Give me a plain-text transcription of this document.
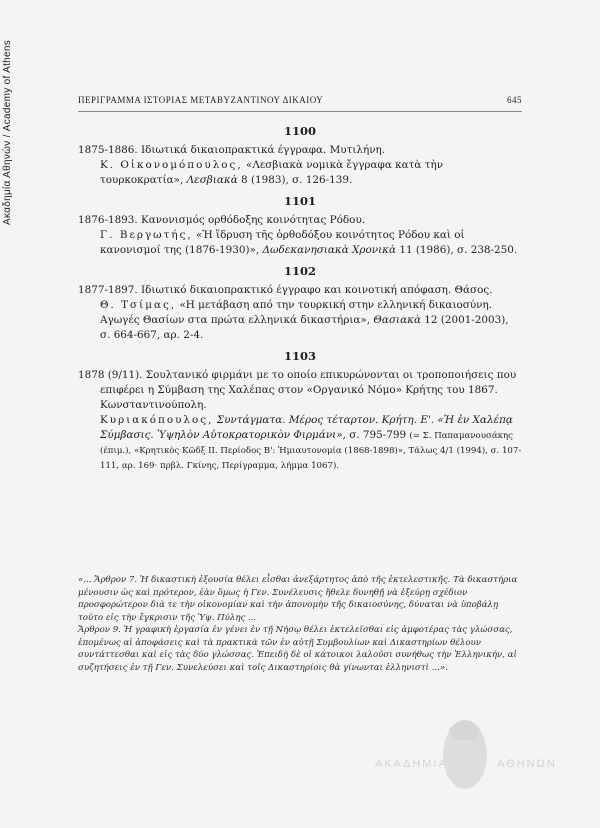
Ακαδημία Αθηνών / Academy of Athens	ΠΕΡΙΓΡΑΜΜΑ ΙΣΤΟΡΙΑΣ ΜΕΤΑΒΥΖΑΝΤΙΝΟΥ ΔΙΚΑΙΟΥ	645
1100

1875-1886. Ιδιωτικά δικαιοπρακτικά έγγραφα. Μυτιλήνη.

Κ. Οἰκονομόπουλος, «Λεσβιακὰ νομικὰ ἔγγραφα κατὰ τὴν τουρκοκρατία», Λεσβιακὰ 8 (1983), σ. 126-139.

1101

1876-1893. Κανονισμός ορθόδοξης κοινότητας Ρόδου.

Γ. Βεργωτής, «Ἡ ἵδρυση τῆς ὀρθοδόξου κοινότητος Ρόδου καὶ οἱ κανονισμοί της (1876-1930)», Δωδεκανησιακὰ Χρονικὰ 11 (1986), σ. 238-250.

1102

1877-1897. Ιδιωτικό δικαιοπρακτικό έγγραφο και κοινοτική απόφαση. Θάσος.

Θ. Τσίμας, «Η μετάβαση από την τουρκική στην ελληνική δικαιοσύνη. Αγωγές Θασίων στα πρώτα ελληνικά δικαστήρια», Θασιακὰ 12 (2001-2003), σ. 664-667, αρ. 2-4.

1103

1878 (9/11). Σουλτανικό φιρμάνι με το οποίο επικυρώνονται οι τροποποιήσεις που επιφέρει η Σύμβαση της Χαλέπας στον «Οργανικό Νόμο» Κρήτης του 1867. Κωνσταντινούπολη.

Κυριακόπουλος, Συντάγματα. Μέρος τέταρτον. Κρήτη. Ε'. «Ἡ ἐν Χαλέπᾳ Σύμβασις. Ὑψηλὸν Αὐτοκρατορικὸν Φιρμάνι», σ. 795-799 (= Σ. Παπαμανουσάκης (έπιμ.), «Κρητικὸς Κῶδξ ΙΙ. Περίοδος Β': Ἡμιαυτονομία (1868-1898)», Τάλως 4/1 (1994), σ. 107-111, αρ. 169· πρβλ. Γκίνης, Περίγραμμα, λήμμα 1067).

«... Ἄρθρον 7. Ἡ δικαστικὴ ἐξουσία θέλει εἶσθαι ἀνεξάρτητος ἀπὸ τῆς ἐκτελεστικῆς. Τὰ δικαστήρια μένουσιν ὡς καὶ πρότερον, ἐὰν ὅμως ἡ Γεν. Συνέλευσις ἤθελε δυνηθῇ νὰ ἐξεύρῃ σχέδιον προσφορώτερον διὰ τε τὴν οἰκονομίαν καὶ τὴν ἀπονομὴν τῆς δικαιοσύνης, δύναται νὰ ὑποβάλῃ τοῦτο εἰς τὴν ἔγκρισιν τῆς Ὑψ. Πύλης ...

Ἄρθρον 9. Ἡ γραφικὴ ἐργασία ἐν γένει ἐν τῇ Νήσῳ θέλει ἐκτελεῖσθαι εἰς ἀμφοτέρας τὰς γλώσσας, ἑπομένως αἱ ἀποφάσεις καὶ τὰ πρακτικὰ τῶν ἐν αὐτῇ Συμβουλίων καὶ Δικαστηρίων θέλουν συντάττεσθαι καὶ εἰς τὰς δύο γλώσσας. Ἐπειδὴ δὲ οἱ κάτοικοι λαλοῦσι συνήθως τὴν Ἑλληνικήν, αἱ συζητήσεις ἐν τῇ Γεν. Συνελεύσει καὶ τοῖς Δικαστηρίοις θὰ γίνωνται ἑλληνιστὶ ...».

ΑΚΑΔΗΜΙΑ	ΑΘΗΝΩΝ
